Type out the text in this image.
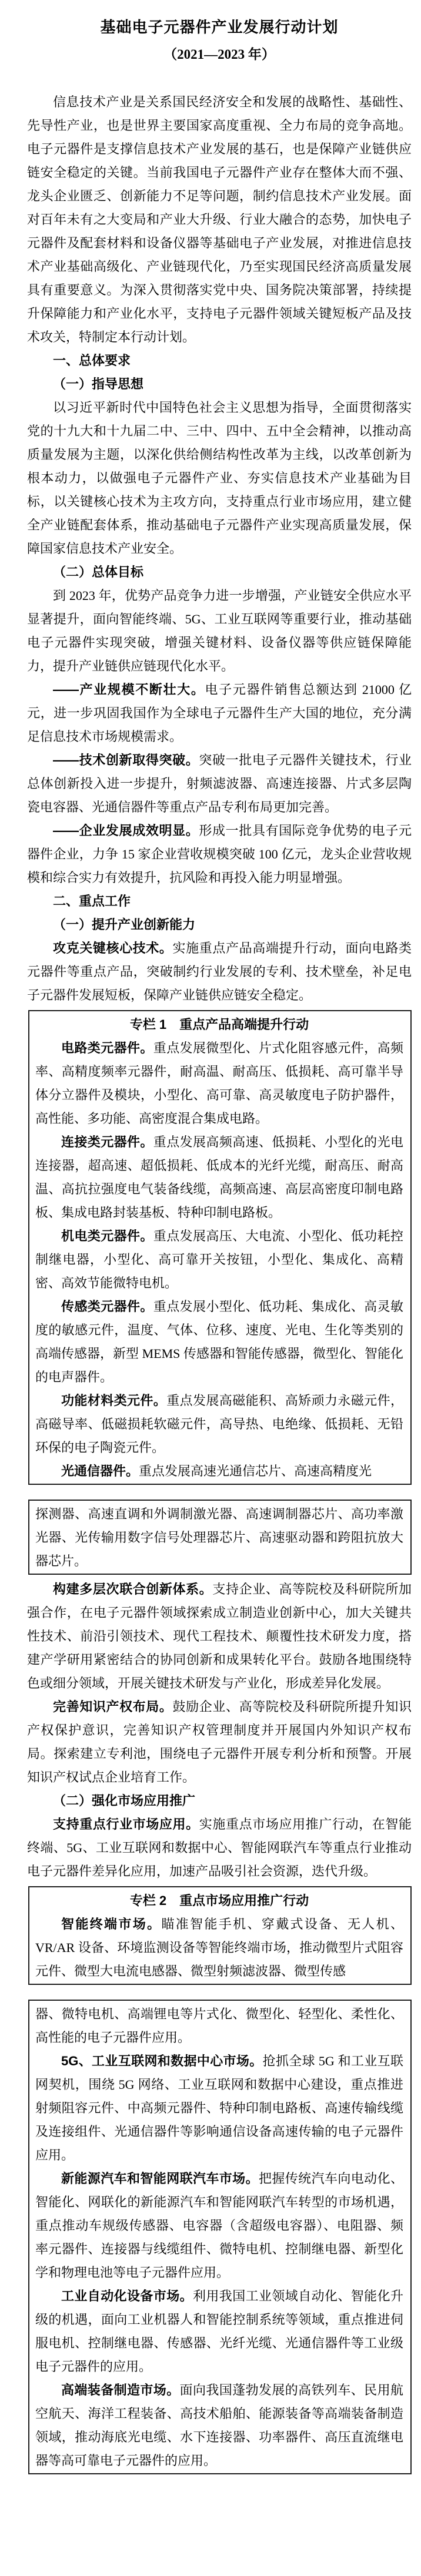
基础电子元器件产业发展行动计划

（2021—2023 年）

信息技术产业是关系国民经济安全和发展的战略性、基础性、先导性产业，也是世界主要国家高度重视、全力布局的竞争高地。电子元器件是支撑信息技术产业发展的基石，也是保障产业链供应链安全稳定的关键。当前我国电子元器件产业存在整体大而不强、龙头企业匮乏、创新能力不足等问题，制约信息技术产业发展。面对百年未有之大变局和产业大升级、行业大融合的态势，加快电子元器件及配套材料和设备仪器等基础电子产业发展，对推进信息技术产业基础高级化、产业链现代化，乃至实现国民经济高质量发展具有重要意义。为深入贯彻落实党中央、国务院决策部署，持续提升保障能力和产业化水平，支持电子元器件领域关键短板产品及技术攻关，特制定本行动计划。

一、总体要求

（一）指导思想

以习近平新时代中国特色社会主义思想为指导，全面贯彻落实党的十九大和十九届二中、三中、四中、五中全会精神，以推动高质量发展为主题，以深化供给侧结构性改革为主线，以改革创新为根本动力，以做强电子元器件产业、夯实信息技术产业基础为目标，以关键核心技术为主攻方向，支持重点行业市场应用，建立健全产业链配套体系，推动基础电子元器件产业实现高质量发展，保障国家信息技术产业安全。

（二）总体目标

到 2023 年，优势产品竞争力进一步增强，产业链安全供应水平显著提升，面向智能终端、5G、工业互联网等重要行业，推动基础电子元器件实现突破，增强关键材料、设备仪器等供应链保障能力，提升产业链供应链现代化水平。

——产业规模不断壮大。电子元器件销售总额达到 21000 亿元，进一步巩固我国作为全球电子元器件生产大国的地位，充分满足信息技术市场规模需求。

——技术创新取得突破。突破一批电子元器件关键技术，行业总体创新投入进一步提升，射频滤波器、高速连接器、片式多层陶瓷电容器、光通信器件等重点产品专利布局更加完善。

——企业发展成效明显。形成一批具有国际竞争优势的电子元器件企业，力争 15 家企业营收规模突破 100 亿元，龙头企业营收规模和综合实力有效提升，抗风险和再投入能力明显增强。

二、重点工作

（一）提升产业创新能力

攻克关键核心技术。实施重点产品高端提升行动，面向电路类元器件等重点产品，突破制约行业发展的专利、技术壁垒，补足电子元器件发展短板，保障产业链供应链安全稳定。

专栏 1　重点产品高端提升行动

电路类元器件。重点发展微型化、片式化阻容感元件，高频率、高精度频率元器件，耐高温、耐高压、低损耗、高可靠半导体分立器件及模块，小型化、高可靠、高灵敏度电子防护器件，高性能、多功能、高密度混合集成电路。

连接类元器件。重点发展高频高速、低损耗、小型化的光电连接器，超高速、超低损耗、低成本的光纤光缆，耐高压、耐高温、高抗拉强度电气装备线缆，高频高速、高层高密度印制电路板、集成电路封装基板、特种印制电路板。

机电类元器件。重点发展高压、大电流、小型化、低功耗控制继电器，小型化、高可靠开关按钮，小型化、集成化、高精密、高效节能微特电机。

传感类元器件。重点发展小型化、低功耗、集成化、高灵敏度的敏感元件，温度、气体、位移、速度、光电、生化等类别的高端传感器，新型 MEMS 传感器和智能传感器，微型化、智能化的电声器件。

功能材料类元件。重点发展高磁能积、高矫顽力永磁元件，高磁导率、低磁损耗软磁元件，高导热、电绝缘、低损耗、无铅环保的电子陶瓷元件。

光通信器件。重点发展高速光通信芯片、高速高精度光

探测器、高速直调和外调制激光器、高速调制器芯片、高功率激光器、光传输用数字信号处理器芯片、高速驱动器和跨阻抗放大器芯片。

构建多层次联合创新体系。支持企业、高等院校及科研院所加强合作，在电子元器件领域探索成立制造业创新中心，加大关键共性技术、前沿引领技术、现代工程技术、颠覆性技术研发力度，搭建产学研用紧密结合的协同创新和成果转化平台。鼓励各地围绕特色或细分领域，开展关键技术研发与产业化，形成差异化发展。

完善知识产权布局。鼓励企业、高等院校及科研院所提升知识产权保护意识，完善知识产权管理制度并开展国内外知识产权布局。探索建立专利池，围绕电子元器件开展专利分析和预警。开展知识产权试点企业培育工作。

（二）强化市场应用推广

支持重点行业市场应用。实施重点市场应用推广行动，在智能终端、5G、工业互联网和数据中心、智能网联汽车等重点行业推动电子元器件差异化应用，加速产品吸引社会资源，迭代升级。

专栏 2　重点市场应用推广行动

智能终端市场。瞄准智能手机、穿戴式设备、无人机、VR/AR 设备、环境监测设备等智能终端市场，推动微型片式阻容元件、微型大电流电感器、微型射频滤波器、微型传感

器、微特电机、高端锂电等片式化、微型化、轻型化、柔性化、高性能的电子元器件应用。

5G、工业互联网和数据中心市场。抢抓全球 5G 和工业互联网契机，围绕 5G 网络、工业互联网和数据中心建设，重点推进射频阻容元件、中高频元器件、特种印制电路板、高速传输线缆及连接组件、光通信器件等影响通信设备高速传输的电子元器件应用。

新能源汽车和智能网联汽车市场。把握传统汽车向电动化、智能化、网联化的新能源汽车和智能网联汽车转型的市场机遇，重点推动车规级传感器、电容器（含超级电容器）、电阻器、频率元器件、连接器与线缆组件、微特电机、控制继电器、新型化学和物理电池等电子元器件应用。

工业自动化设备市场。利用我国工业领域自动化、智能化升级的机遇，面向工业机器人和智能控制系统等领域，重点推进伺服电机、控制继电器、传感器、光纤光缆、光通信器件等工业级电子元器件的应用。

高端装备制造市场。面向我国蓬勃发展的高铁列车、民用航空航天、海洋工程装备、高技术船舶、能源装备等高端装备制造领域，推动海底光电缆、水下连接器、功率器件、高压直流继电器等高可靠电子元器件的应用。
